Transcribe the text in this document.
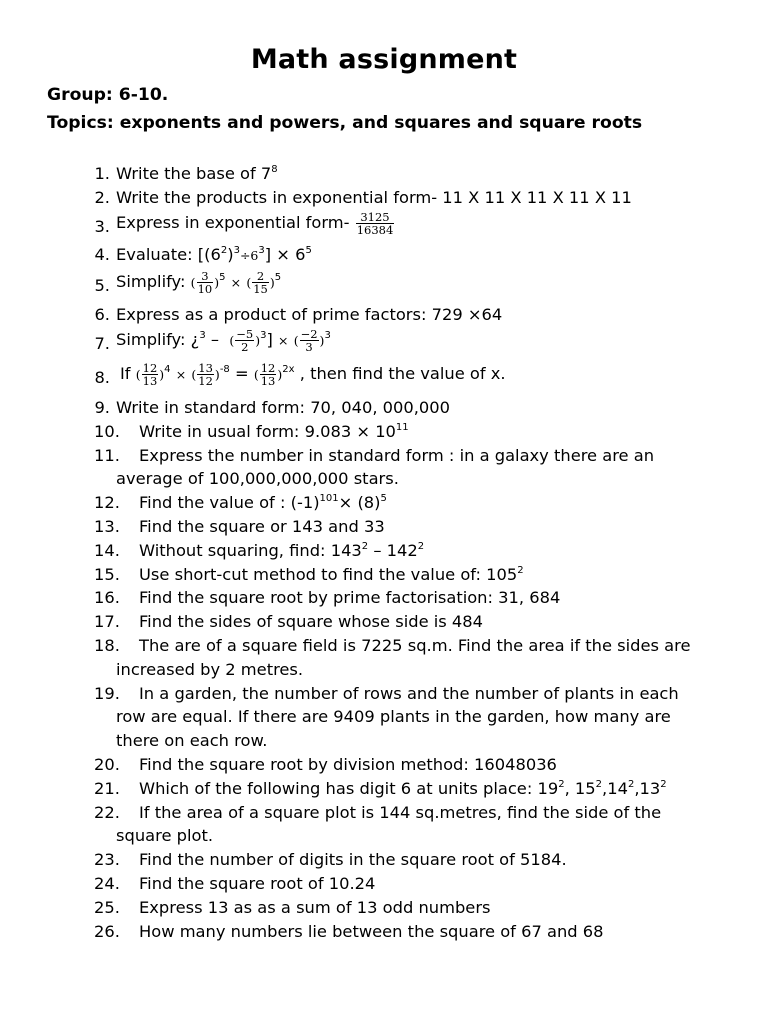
Math assignment
Group: 6-10.
Topics: exponents and powers, and squares and square roots
1. Write the base of $7^8$
2. Write the products in exponential form- 11 X 11 X 11 X 11 X 11
3. Express in exponential form- $\frac{3125}{16384}$
4. Evaluate: $[(6^2)^3\div 6^3] \times 6^5$
5. Simplify: ( $\frac{3}{10} )^5$ × ( $\frac{2}{15} )^5$
6. Express as a product of prime factors: 729 ×64
7. Simplify: ¿$^3$ – ( $\frac{-5}{2} )^3$] × ( $\frac{-2}{3} )^3$
8. If ( $\frac{12}{13} )^4$ × ( $\frac{13}{12} )^{-8}$ = ( $\frac{12}{13} )^{2x}$ , then find the value of x.
9. Write in standard form: 70, 040, 000,000
10. Write in usual form: $9.083 \times 10^{11}$
11. Express the number in standard form : in a galaxy there are an
average of 100,000,000,000 stars.
12. Find the value of : $(-1)^{101}\times (8)^5$
13. Find the square or 143 and 33
14. Without squaring, find: $143^2 - 142^2$
15. Use short-cut method to find the value of: $105^2$
16. Find the square root by prime factorisation: 31, 684
17. Find the sides of square whose side is 484
18. The are of a square field is 7225 sq.m. Find the area if the sides are
increased by 2 metres.
19. In a garden, the number of rows and the number of plants in each
row are equal. If there are 9409 plants in the garden, how many are
there on each row.
20. Find the square root by division method: 16048036
21. Which of the following has digit 6 at units place: $19^2$, $15^2,14^2,13^2$
22. If the area of a square plot is 144 sq.metres, find the side of the
square plot.
23. Find the number of digits in the square root of 5184.
24. Find the square root of 10.24
25. Express 13 as as a sum of 13 odd numbers
26. How many numbers lie between the square of 67 and 68
